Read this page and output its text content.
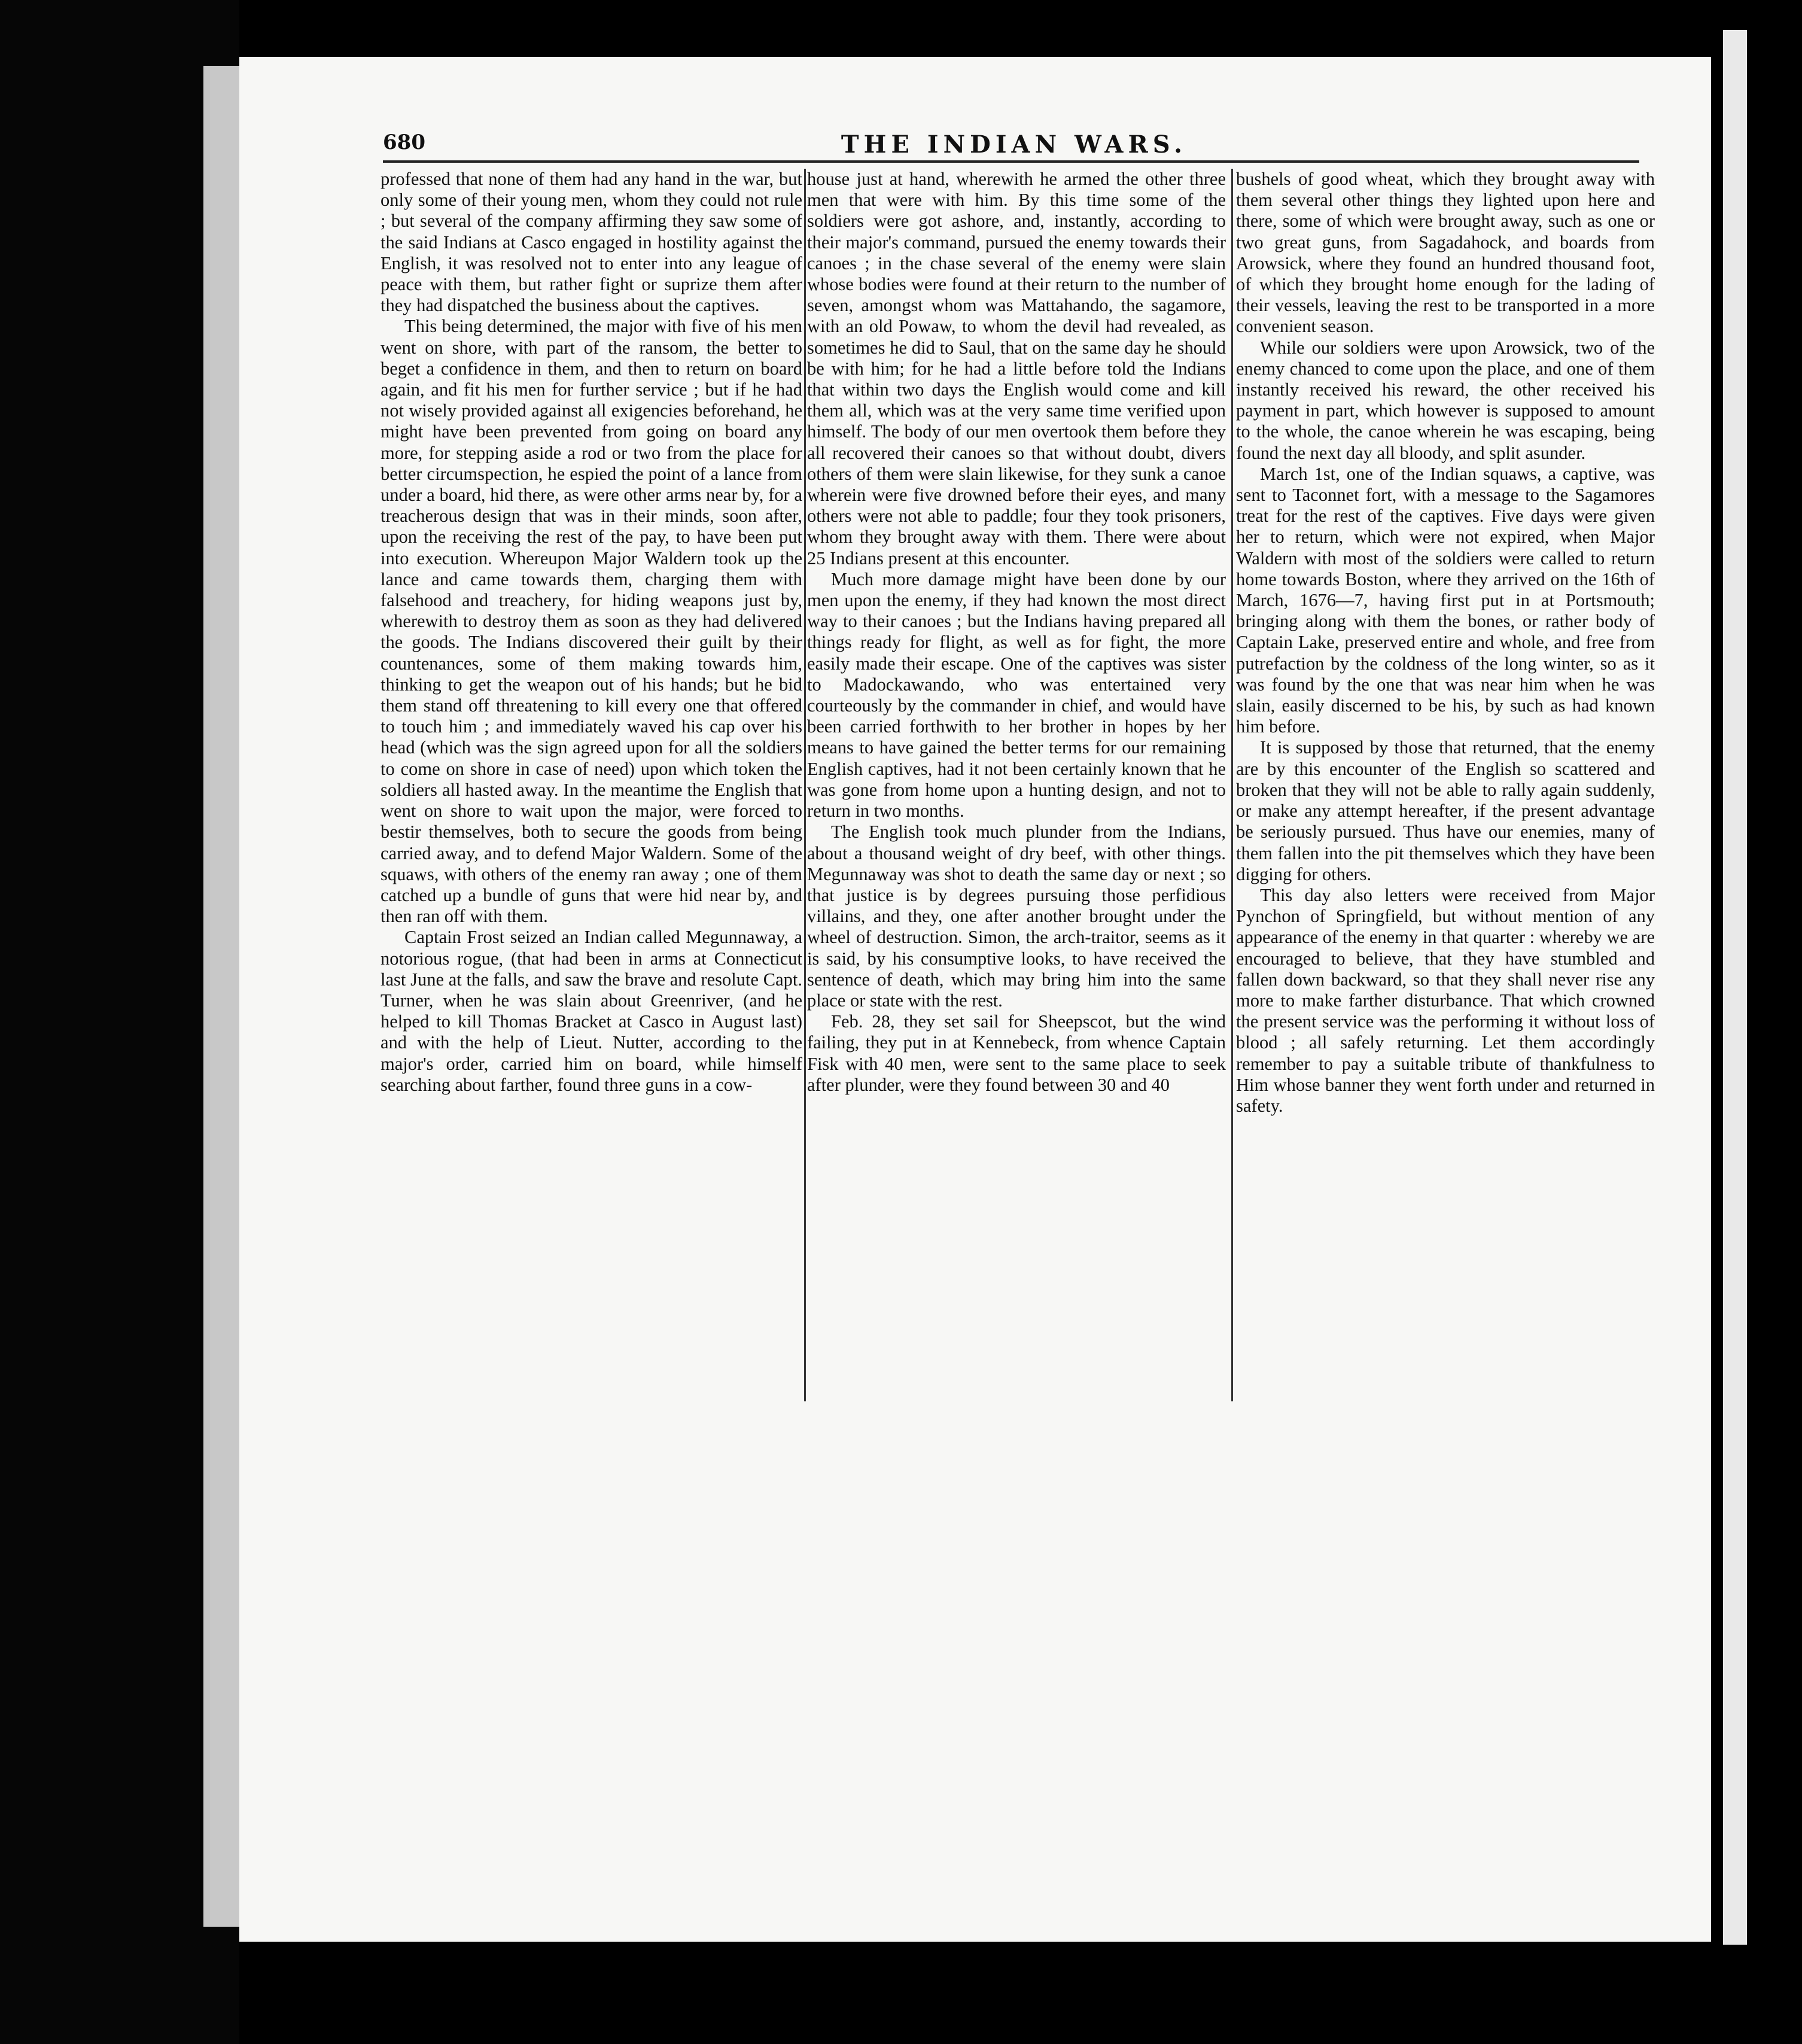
680	THE INDIAN WARS.

professed that none of them had any hand in the war, but only some of their young men, whom they could not rule ; but several of the company affirming they saw some of the said Indians at Casco engaged in hostility against the English, it was resolved not to enter into any league of peace with them, but rather fight or suprize them after they had dispatched the business about the captives.

This being determined, the major with five of his men went on shore, with part of the ransom, the better to beget a confidence in them, and then to return on board again, and fit his men for further service ; but if he had not wisely provided against all exigencies beforehand, he might have been prevented from going on board any more, for stepping aside a rod or two from the place for better circumspection, he espied the point of a lance from under a board, hid there, as were other arms near by, for a treacherous design that was in their minds, soon after, upon the receiving the rest of the pay, to have been put into execution. Whereupon Major Waldern took up the lance and came towards them, charging them with falsehood and treachery, for hiding weapons just by, wherewith to destroy them as soon as they had delivered the goods. The Indians discovered their guilt by their countenances, some of them making towards him, thinking to get the weapon out of his hands; but he bid them stand off threatening to kill every one that offered to touch him ; and immediately waved his cap over his head (which was the sign agreed upon for all the soldiers to come on shore in case of need) upon which token the soldiers all hasted away. In the meantime the English that went on shore to wait upon the major, were forced to bestir themselves, both to secure the goods from being carried away, and to defend Major Waldern. Some of the squaws, with others of the enemy ran away ; one of them catched up a bundle of guns that were hid near by, and then ran off with them.

Captain Frost seized an Indian called Megunnaway, a notorious rogue, (that had been in arms at Connecticut last June at the falls, and saw the brave and resolute Capt. Turner, when he was slain about Greenriver, (and he helped to kill Thomas Bracket at Casco in August last) and with the help of Lieut. Nutter, according to the major's order, carried him on board, while himself searching about farther, found three guns in a cow-

house just at hand, wherewith he armed the other three men that were with him. By this time some of the soldiers were got ashore, and, instantly, according to their major's command, pursued the enemy towards their canoes ; in the chase several of the enemy were slain whose bodies were found at their return to the number of seven, amongst whom was Mattahando, the sagamore, with an old Powaw, to whom the devil had revealed, as sometimes he did to Saul, that on the same day he should be with him; for he had a little before told the Indians that within two days the English would come and kill them all, which was at the very same time verified upon himself. The body of our men overtook them before they all recovered their canoes so that without doubt, divers others of them were slain likewise, for they sunk a canoe wherein were five drowned before their eyes, and many others were not able to paddle; four they took prisoners, whom they brought away with them. There were about 25 Indians present at this encounter.

Much more damage might have been done by our men upon the enemy, if they had known the most direct way to their canoes ; but the Indians having prepared all things ready for flight, as well as for fight, the more easily made their escape. One of the captives was sister to Madockawando, who was entertained very courteously by the commander in chief, and would have been carried forthwith to her brother in hopes by her means to have gained the better terms for our remaining English captives, had it not been certainly known that he was gone from home upon a hunting design, and not to return in two months.

The English took much plunder from the Indians, about a thousand weight of dry beef, with other things. Megunnaway was shot to death the same day or next ; so that justice is by degrees pursuing those perfidious villains, and they, one after another brought under the wheel of destruction. Simon, the arch-traitor, seems as it is said, by his consumptive looks, to have received the sentence of death, which may bring him into the same place or state with the rest.

Feb. 28, they set sail for Sheepscot, but the wind failing, they put in at Kennebeck, from whence Captain Fisk with 40 men, were sent to the same place to seek after plunder, were they found between 30 and 40

bushels of good wheat, which they brought away with them several other things they lighted upon here and there, some of which were brought away, such as one or two great guns, from Sagadahock, and boards from Arowsick, where they found an hundred thousand foot, of which they brought home enough for the lading of their vessels, leaving the rest to be transported in a more convenient season.

While our soldiers were upon Arowsick, two of the enemy chanced to come upon the place, and one of them instantly received his reward, the other received his payment in part, which however is supposed to amount to the whole, the canoe wherein he was escaping, being found the next day all bloody, and split asunder.

March 1st, one of the Indian squaws, a captive, was sent to Taconnet fort, with a message to the Sagamores treat for the rest of the captives. Five days were given her to return, which were not expired, when Major Waldern with most of the soldiers were called to return home towards Boston, where they arrived on the 16th of March, 1676—7, having first put in at Portsmouth; bringing along with them the bones, or rather body of Captain Lake, preserved entire and whole, and free from putrefaction by the coldness of the long winter, so as it was found by the one that was near him when he was slain, easily discerned to be his, by such as had known him before.

It is supposed by those that returned, that the enemy are by this encounter of the English so scattered and broken that they will not be able to rally again suddenly, or make any attempt hereafter, if the present advantage be seriously pursued. Thus have our enemies, many of them fallen into the pit themselves which they have been digging for others.

This day also letters were received from Major Pynchon of Springfield, but without mention of any appearance of the enemy in that quarter : whereby we are encouraged to believe, that they have stumbled and fallen down backward, so that they shall never rise any more to make farther disturbance. That which crowned the present service was the performing it without loss of blood ; all safely returning. Let them accordingly remember to pay a suitable tribute of thankfulness to Him whose banner they went forth under and returned in safety.
